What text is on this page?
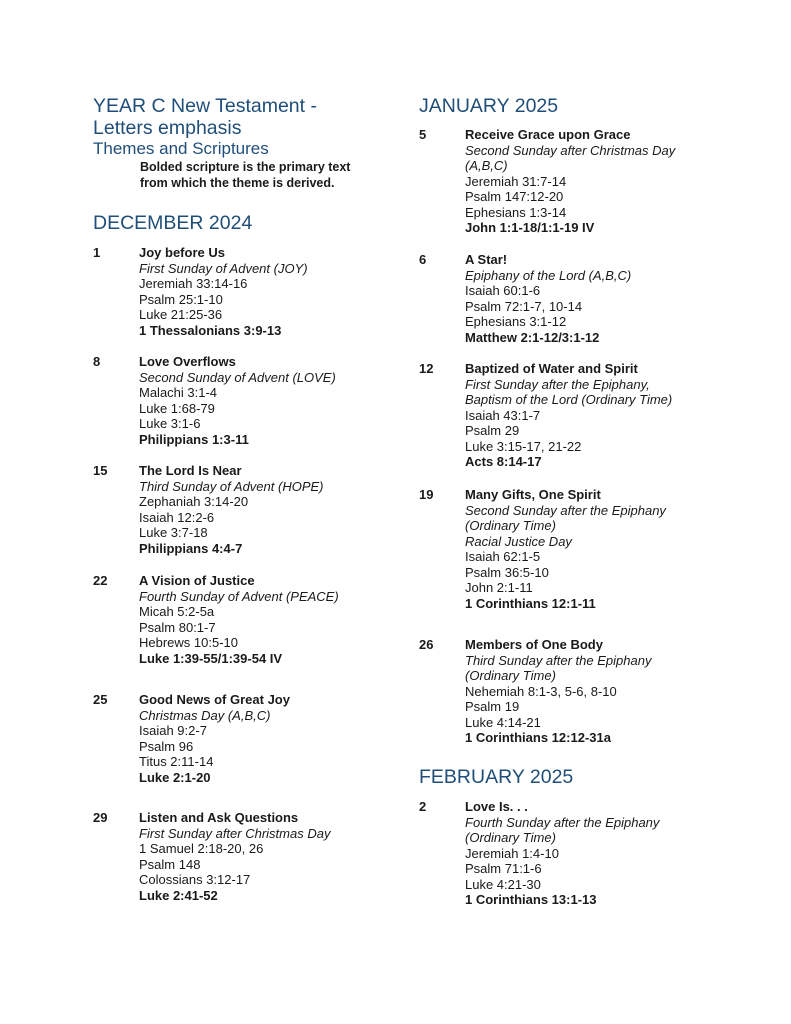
YEAR C New Testament -
Letters emphasis
Themes and Scriptures
Bolded scripture is the primary text
from which the theme is derived.
DECEMBER 2024
1	Joy before Us
First Sunday of Advent (JOY)
Jeremiah 33:14-16
Psalm 25:1-10
Luke 21:25-36
1 Thessalonians 3:9-13
8	Love Overflows
Second Sunday of Advent (LOVE)
Malachi 3:1-4
Luke 1:68-79
Luke 3:1-6
Philippians 1:3-11
15 The Lord Is Near
Third Sunday of Advent (HOPE)
Zephaniah 3:14-20
Isaiah 12:2-6
Luke 3:7-18
Philippians 4:4-7
22 A Vision of Justice
Fourth Sunday of Advent (PEACE)
Micah 5:2-5a
Psalm 80:1-7
Hebrews 10:5-10
Luke 1:39-55/1:39-54 IV
25 Good News of Great Joy
Christmas Day (A,B,C)
Isaiah 9:2-7
Psalm 96
Titus 2:11-14
Luke 2:1-20
29 Listen and Ask Questions
First Sunday after Christmas Day
1 Samuel 2:18-20, 26
Psalm 148
Colossians 3:12-17
Luke 2:41-52
JANUARY 2025
5	Receive Grace upon Grace
Second Sunday after Christmas Day
(A,B,C)
Jeremiah 31:7-14
Psalm 147:12-20
Ephesians 1:3-14
John 1:1-18/1:1-19 IV
6	A Star!
Epiphany of the Lord (A,B,C)
Isaiah 60:1-6
Psalm 72:1-7, 10-14
Ephesians 3:1-12
Matthew 2:1-12/3:1-12
12 Baptized of Water and Spirit
First Sunday after the Epiphany,
Baptism of the Lord (Ordinary Time)
Isaiah 43:1-7
Psalm 29
Luke 3:15-17, 21-22
Acts 8:14-17
19 Many Gifts, One Spirit
Second Sunday after the Epiphany
(Ordinary Time)
Racial Justice Day
Isaiah 62:1-5
Psalm 36:5-10
John 2:1-11
1 Corinthians 12:1-11
26 Members of One Body
Third Sunday after the Epiphany
(Ordinary Time)
Nehemiah 8:1-3, 5-6, 8-10
Psalm 19
Luke 4:14-21
1 Corinthians 12:12-31a
FEBRUARY 2025
2	Love Is. . .
Fourth Sunday after the Epiphany
(Ordinary Time)
Jeremiah 1:4-10
Psalm 71:1-6
Luke 4:21-30
1 Corinthians 13:1-13
